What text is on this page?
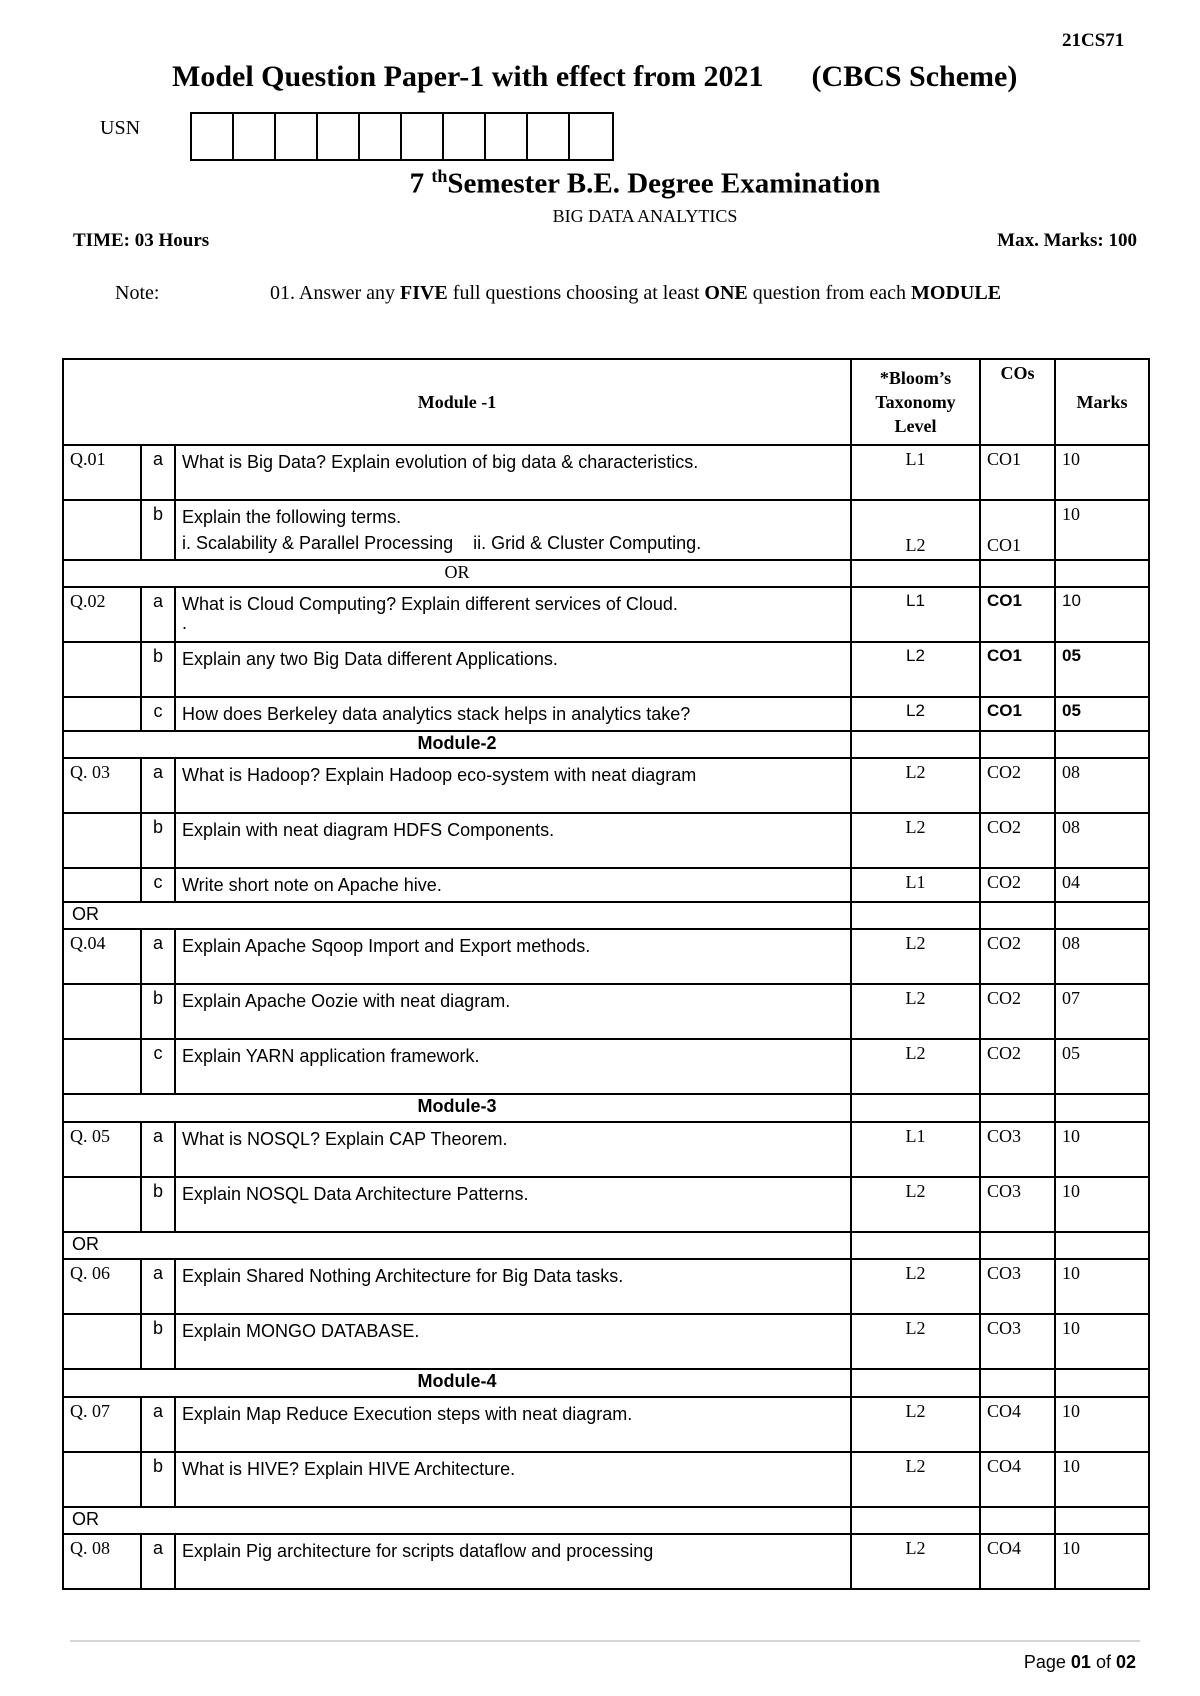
21CS71
Model Question Paper-1 with effect from 2021 (CBCS Scheme)
USN
7 $^{th}$Semester B.E. Degree Examination
BIG DATA ANALYTICS
TIME: 03 Hours	Max. Marks: 100
Note:	01. Answer any FIVE full questions choosing at least ONE question from each MODULE
Module -1			*Bloom’s
Taxonomy
Level	COs	Marks
Q.01	a	What is Big Data? Explain evolution of big data & characteristics.	L1	CO1	10
	b	Explain the following terms.
i. Scalability & Parallel Processing    ii. Grid & Cluster Computing.	L2	CO1	10
OR					
Q.02	a	What is Cloud Computing? Explain different services of Cloud.
.	L1	CO1	10
	b	Explain any two Big Data different Applications.	L2	CO1	05
	c	How does Berkeley data analytics stack helps in analytics take?	L2	CO1	05
Module-2					
Q. 03	a	What is Hadoop? Explain Hadoop eco-system with neat diagram	L2	CO2	08
	b	Explain with neat diagram HDFS Components.	L2	CO2	08
	c	Write short note on Apache hive.	L1	CO2	04
OR					
Q.04	a	Explain Apache Sqoop Import and Export methods.	L2	CO2	08
	b	Explain Apache Oozie with neat diagram.	L2	CO2	07
	c	Explain YARN application framework.	L2	CO2	05
Module-3					
Q. 05	a	What is NOSQL? Explain CAP Theorem.	L1	CO3	10
	b	Explain NOSQL Data Architecture Patterns.	L2	CO3	10
OR					
Q. 06	a	Explain Shared Nothing Architecture for Big Data tasks.	L2	CO3	10
	b	Explain MONGO DATABASE.	L2	CO3	10
Module-4					
Q. 07	a	Explain Map Reduce Execution steps with neat diagram.	L2	CO4	10
	b	What is HIVE? Explain HIVE Architecture.	L2	CO4	10
OR					
Q. 08	a	Explain Pig architecture for scripts dataflow and processing	L2	CO4	10
Page 01 of 02
